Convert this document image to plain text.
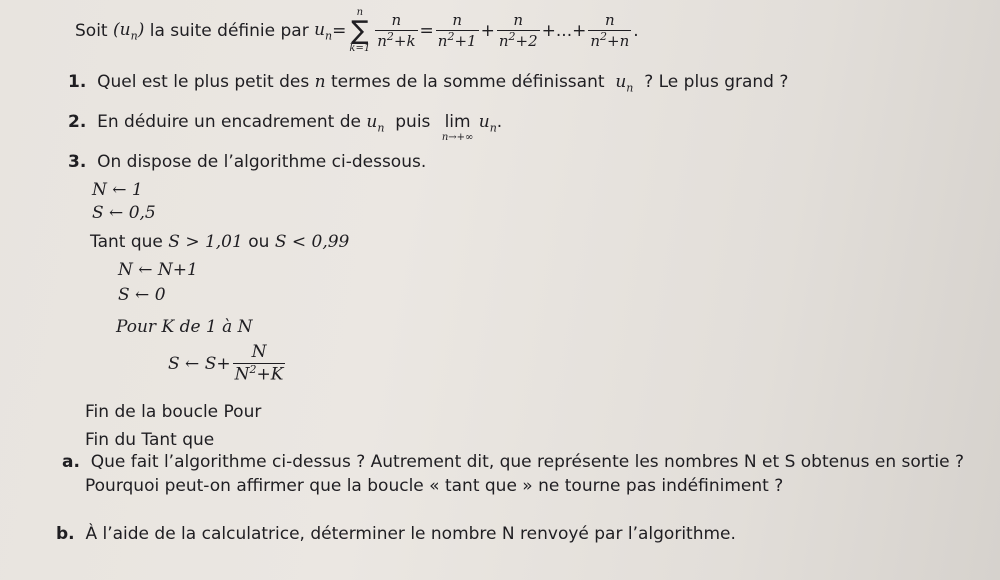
Soit
$(u_n)$
la suite définie par
$u_n$ =
n
∑
$k=1 \frac{n}{n^2+k} = \frac{n}{n^2+1} + \frac{n}{n^2+2}$ +...+ $\frac{n}{n^2+n}$ .
1. Quel est le plus petit des n termes de la somme définissant $u_n$ ? Le plus grand ?
2. En déduire un encadrement de $u_n$ puis lim
n→+∞
$u_n$.
3. On dispose de l’algorithme ci-dessous.
N ← 1
S ← 0,5
Tant que S > 1,01 ou S < 0,99
N ← N+1
S ← 0
Pour K de 1 à N
S ← $S+ \frac{N}{N^2+K}$
Fin de la boucle Pour
Fin du Tant que
a. Que fait l’algorithme ci-dessus ? Autrement dit, que représente les nombres N et S obtenus en sortie ?
Pourquoi peut-on affirmer que la boucle « tant que » ne tourne pas indéfiniment ?
b. À l’aide de la calculatrice, déterminer le nombre N renvoyé par l’algorithme.
